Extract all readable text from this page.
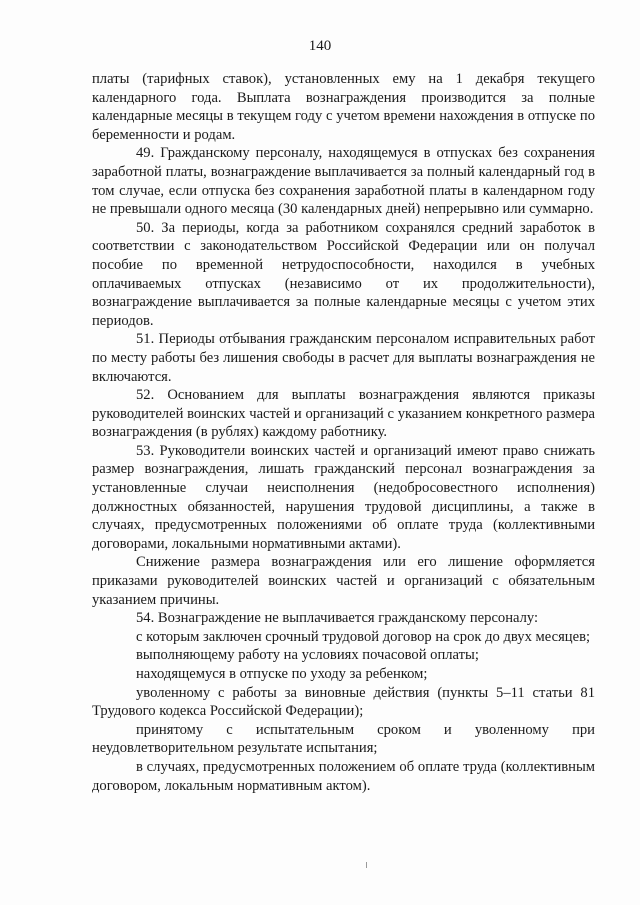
140

платы (тарифных ставок), установленных ему на 1 декабря текущего календарного года. Выплата вознаграждения производится за полные календарные месяцы в текущем году с учетом времени нахождения в отпуске по беременности и родам.

49. Гражданскому персоналу, находящемуся в отпусках без сохранения заработной платы, вознаграждение выплачивается за полный календарный год в том случае, если отпуска без сохранения заработной платы в календарном году не превышали одного месяца (30 календарных дней) непрерывно или суммарно.

50. За периоды, когда за работником сохранялся средний заработок в соответствии с законодательством Российской Федерации или он получал пособие по временной нетрудоспособности, находился в учебных оплачиваемых отпусках (независимо от их продолжительности), вознаграждение выплачивается за полные календарные месяцы с учетом этих периодов.

51. Периоды отбывания гражданским персоналом исправительных работ по месту работы без лишения свободы в расчет для выплаты вознаграждения не включаются.

52. Основанием для выплаты вознаграждения являются приказы руководителей воинских частей и организаций с указанием конкретного размера вознаграждения (в рублях) каждому работнику.

53. Руководители воинских частей и организаций имеют право снижать размер вознаграждения, лишать гражданский персонал вознаграждения за установленные случаи неисполнения (недобросовестного исполнения) должностных обязанностей, нарушения трудовой дисциплины, а также в случаях, предусмотренных положениями об оплате труда (коллективными договорами, локальными нормативными актами).

Снижение размера вознаграждения или его лишение оформляется приказами руководителей воинских частей и организаций с обязательным указанием причины.

54. Вознаграждение не выплачивается гражданскому персоналу:

с которым заключен срочный трудовой договор на срок до двух месяцев;

выполняющему работу на условиях почасовой оплаты;

находящемуся в отпуске по уходу за ребенком;

уволенному с работы за виновные действия (пункты 5–11 статьи 81 Трудового кодекса Российской Федерации);

принятому с испытательным сроком и уволенному при неудовлетворительном результате испытания;

в случаях, предусмотренных положением об оплате труда (коллективным договором, локальным нормативным актом).
